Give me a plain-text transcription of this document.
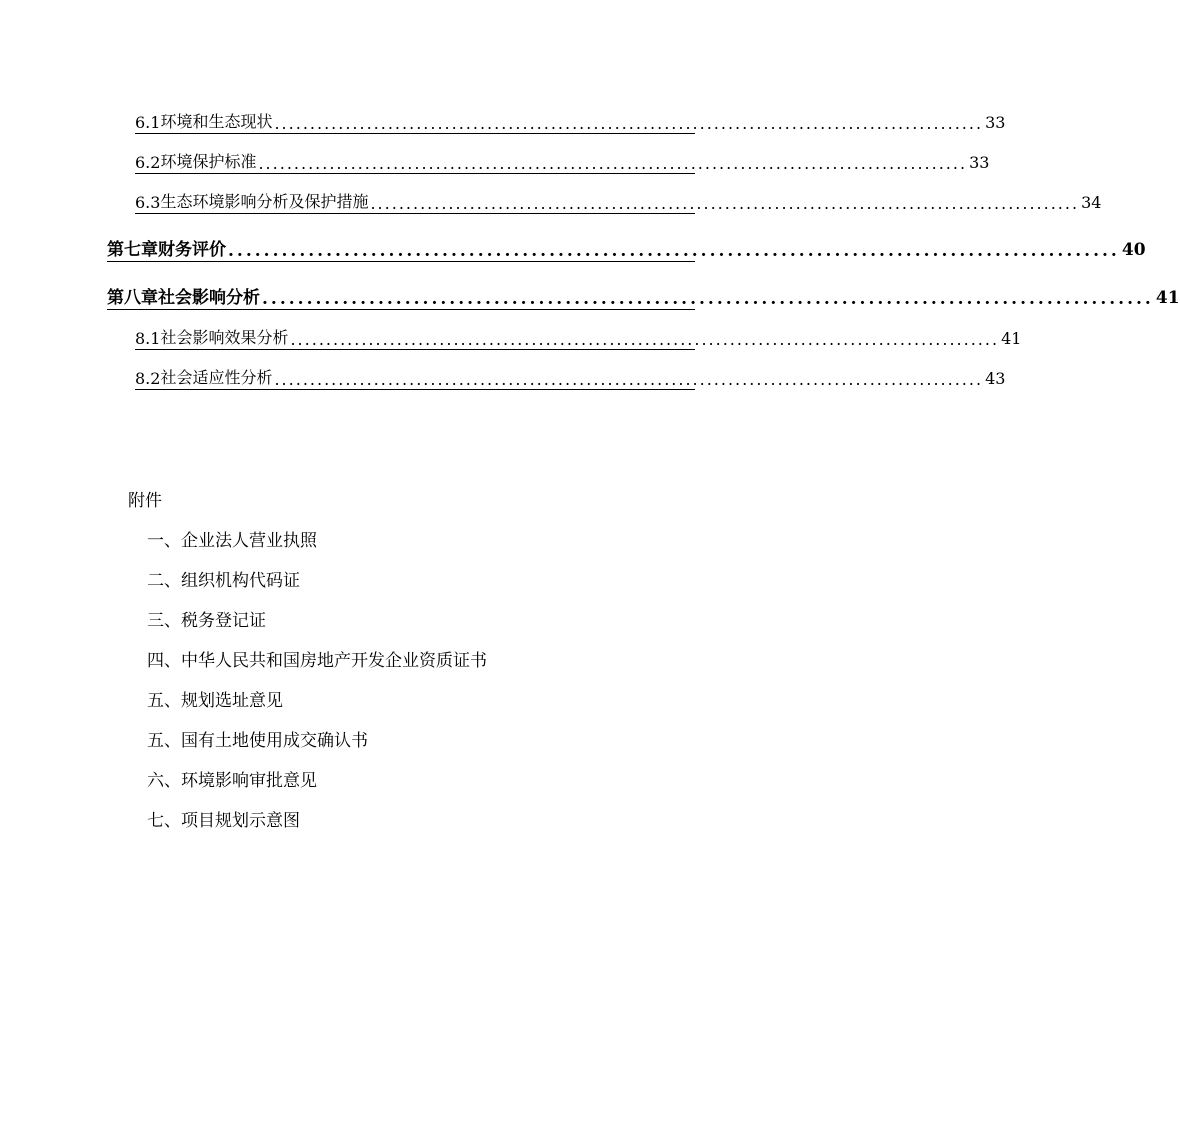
6.1 环境和生态现状 .................................................................................................... 33
6.2 环境保护标准 .................................................................................................... 33
6.3 生态环境影响分析及保护措施 .................................................................................................... 34
第七章 财务评价 .................................................................................................... 40
第八章 社会影响分析 .................................................................................................... 41
8.1 社会影响效果分析 .................................................................................................... 41
8.2 社会适应性分析 .................................................................................................... 43
附件
一、企业法人营业执照
二、组织机构代码证
三、税务登记证
四、中华人民共和国房地产开发企业资质证书
五、规划选址意见
五、国有土地使用成交确认书
六、环境影响审批意见
七、项目规划示意图
